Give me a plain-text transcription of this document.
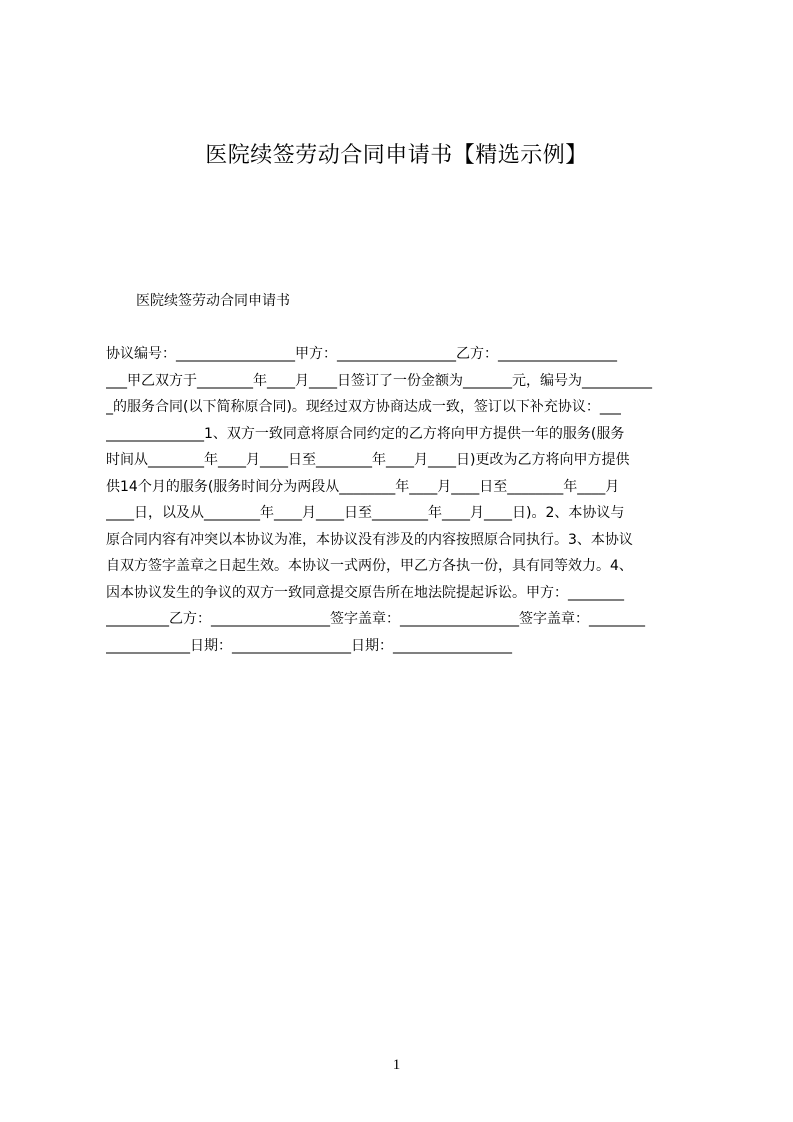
医院续签劳动合同申请书【精选示例】
医院续签劳动合同申请书
协议编号：_________________甲方：_________________乙方：_________________
___甲乙双方于________年____月____日签订了一份金额为_______元，编号为__________
_的服务合同(以下简称原合同)。现经过双方协商达成一致，签订以下补充协议：___
______________1、双方一致同意将原合同约定的乙方将向甲方提供一年的服务(服务
时间从________年____月____日至________年____月____日)更改为乙方将向甲方提供
供14个月的服务(服务时间分为两段从________年____月____日至________年____月
____日，以及从________年____月____日至________年____月____日)。2、本协议与
原合同内容有冲突以本协议为准，本协议没有涉及的内容按照原合同执行。3、本协议
自双方签字盖章之日起生效。本协议一式两份，甲乙方各执一份，具有同等效力。4、
因本协议发生的争议的双方一致同意提交原告所在地法院提起诉讼。甲方：________
_________乙方：_________________签字盖章：_________________签字盖章：________
____________日期：_________________日期：_________________
1
